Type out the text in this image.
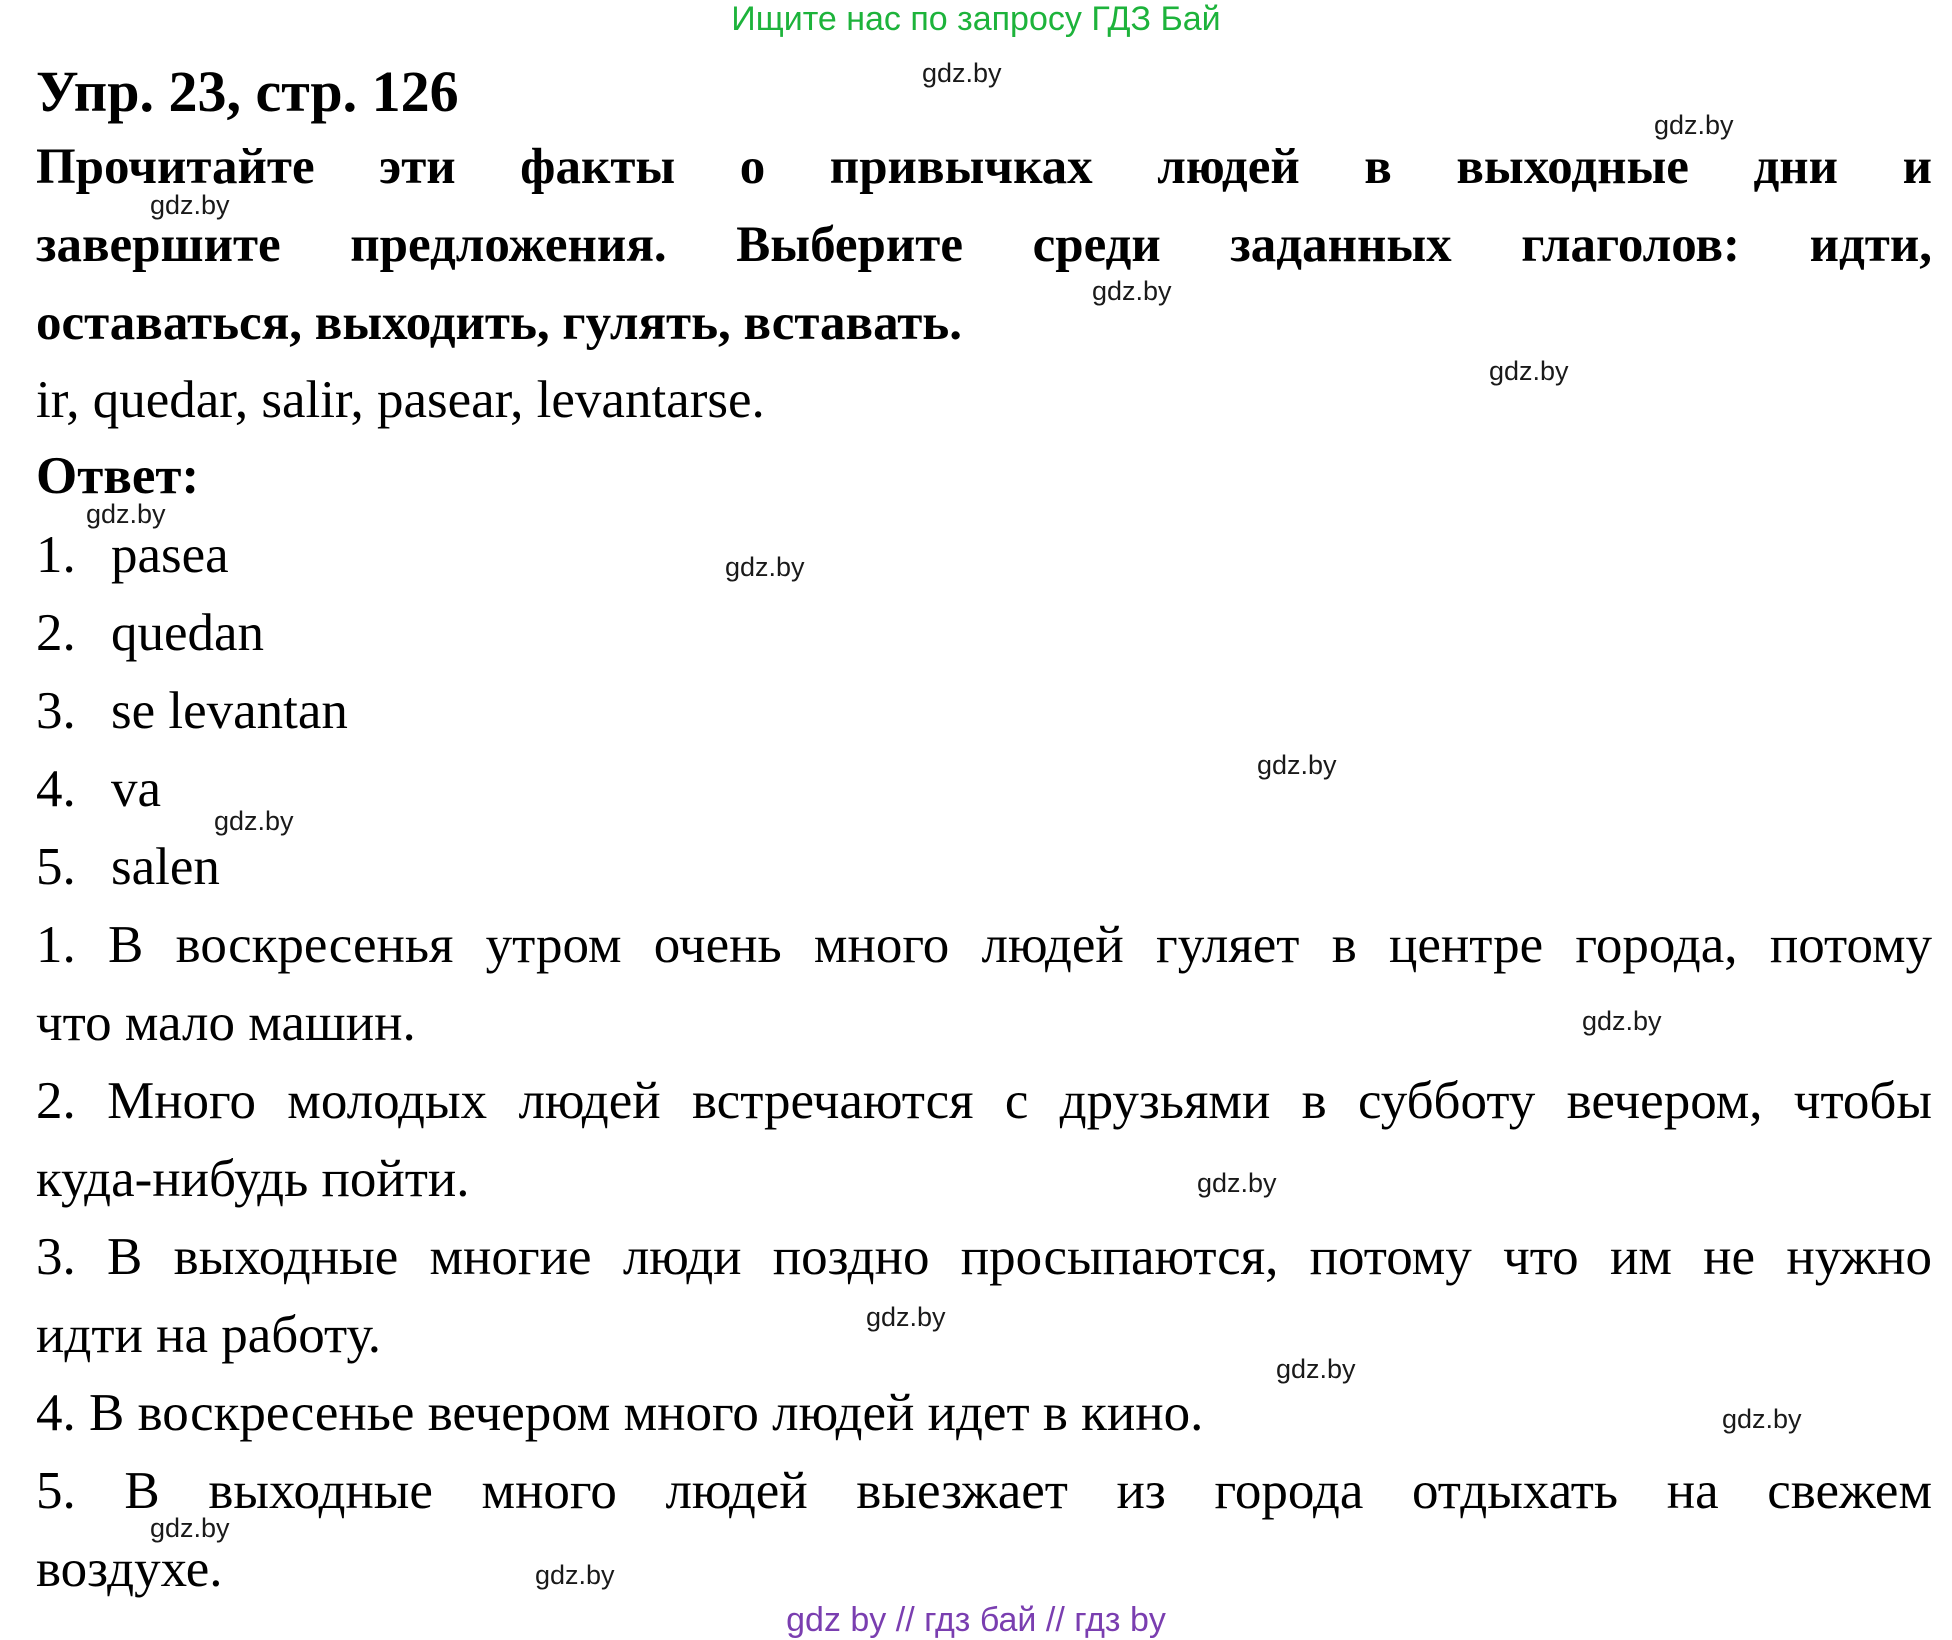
Ищите нас по запросу ГДЗ Бай
Упр. 23, стр. 126
Прочитайте эти факты о привычках людей в выходные дни и
завершите предложения. Выберите среди заданных глаголов: идти,
оставаться, выходить, гулять, вставать.
ir, quedar, salir, pasear, levantarse.
Ответ:
1. pasea
2. quedan
3. se levantan
4. va
5. salen
1. В воскресенья утром очень много людей гуляет в центре города, потому
что мало машин.
2. Много молодых людей встречаются с друзьями в субботу вечером, чтобы
куда-нибудь пойти.
3. В выходные многие люди поздно просыпаются, потому что им не нужно
идти на работу.
4. В воскресенье вечером много людей идет в кино.
5. В выходные много людей выезжает из города отдыхать на свежем
воздухе.
gdz.by
gdz.by
gdz.by
gdz.by
gdz.by
gdz.by
gdz.by
gdz.by
gdz.by
gdz.by
gdz.by
gdz.by
gdz.by
gdz.by
gdz.by
gdz.by
gdz by // гдз бай // гдз by
